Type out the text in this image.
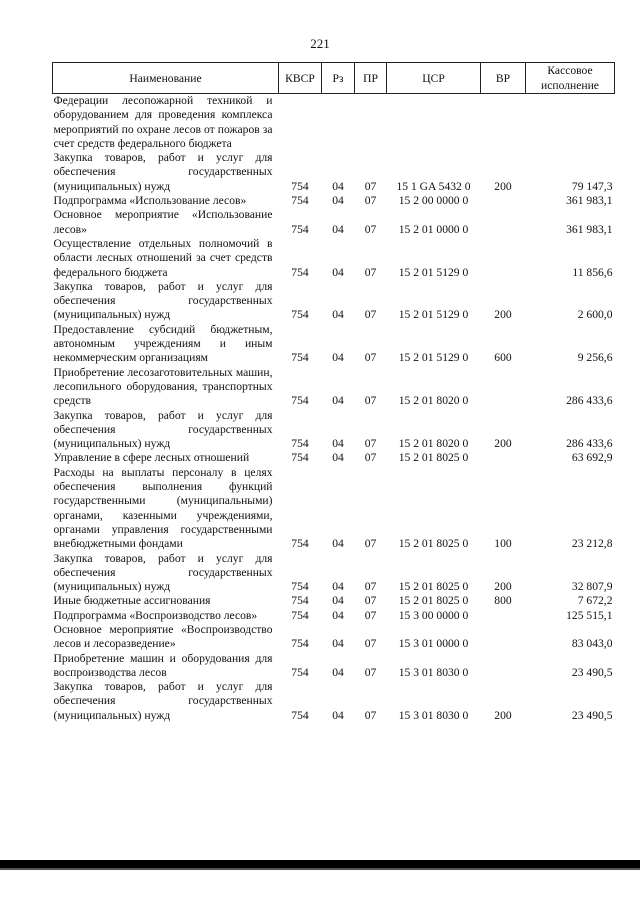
221
Наименование	КВСР	Рз	ПР	ЦСР	ВР	Кассовое исполнение
Федерации лесопожарной техникой и оборудованием для проведения комплекса мероприятий по охране лесов от пожаров за счет средств федерального бюджета						
Закупка товаров, работ и услуг для обеспечения государственных (муниципальных) нужд	754	04	07	15 1 GA 5432 0	200	79 147,3
Подпрограмма «Использование лесов»	754	04	07	15 2 00 0000 0		361 983,1
Основное мероприятие «Использование лесов»	754	04	07	15 2 01 0000 0		361 983,1
Осуществление отдельных полномочий в области лесных отношений за счет средств федерального бюджета	754	04	07	15 2 01 5129 0		11 856,6
Закупка товаров, работ и услуг для обеспечения государственных (муниципальных) нужд	754	04	07	15 2 01 5129 0	200	2 600,0
Предоставление субсидий бюджетным, автономным учреждениям и иным некоммерческим организациям	754	04	07	15 2 01 5129 0	600	9 256,6
Приобретение лесозаготовительных машин, лесопильного оборудования, транспортных средств	754	04	07	15 2 01 8020 0		286 433,6
Закупка товаров, работ и услуг для обеспечения государственных (муниципальных) нужд	754	04	07	15 2 01 8020 0	200	286 433,6
Управление в сфере лесных отношений	754	04	07	15 2 01 8025 0		63 692,9
Расходы на выплаты персоналу в целях обеспечения выполнения функций государственными (муниципальными) органами, казенными учреждениями, органами управления государственными внебюджетными фондами	754	04	07	15 2 01 8025 0	100	23 212,8
Закупка товаров, работ и услуг для обеспечения государственных (муниципальных) нужд	754	04	07	15 2 01 8025 0	200	32 807,9
Иные бюджетные ассигнования	754	04	07	15 2 01 8025 0	800	7 672,2
Подпрограмма «Воспроизводство лесов»	754	04	07	15 3 00 0000 0		125 515,1
Основное мероприятие «Воспроизводство лесов и лесоразведение»	754	04	07	15 3 01 0000 0		83 043,0
Приобретение машин и оборудования для воспроизводства лесов	754	04	07	15 3 01 8030 0		23 490,5
Закупка товаров, работ и услуг для обеспечения государственных (муниципальных) нужд	754	04	07	15 3 01 8030 0	200	23 490,5
